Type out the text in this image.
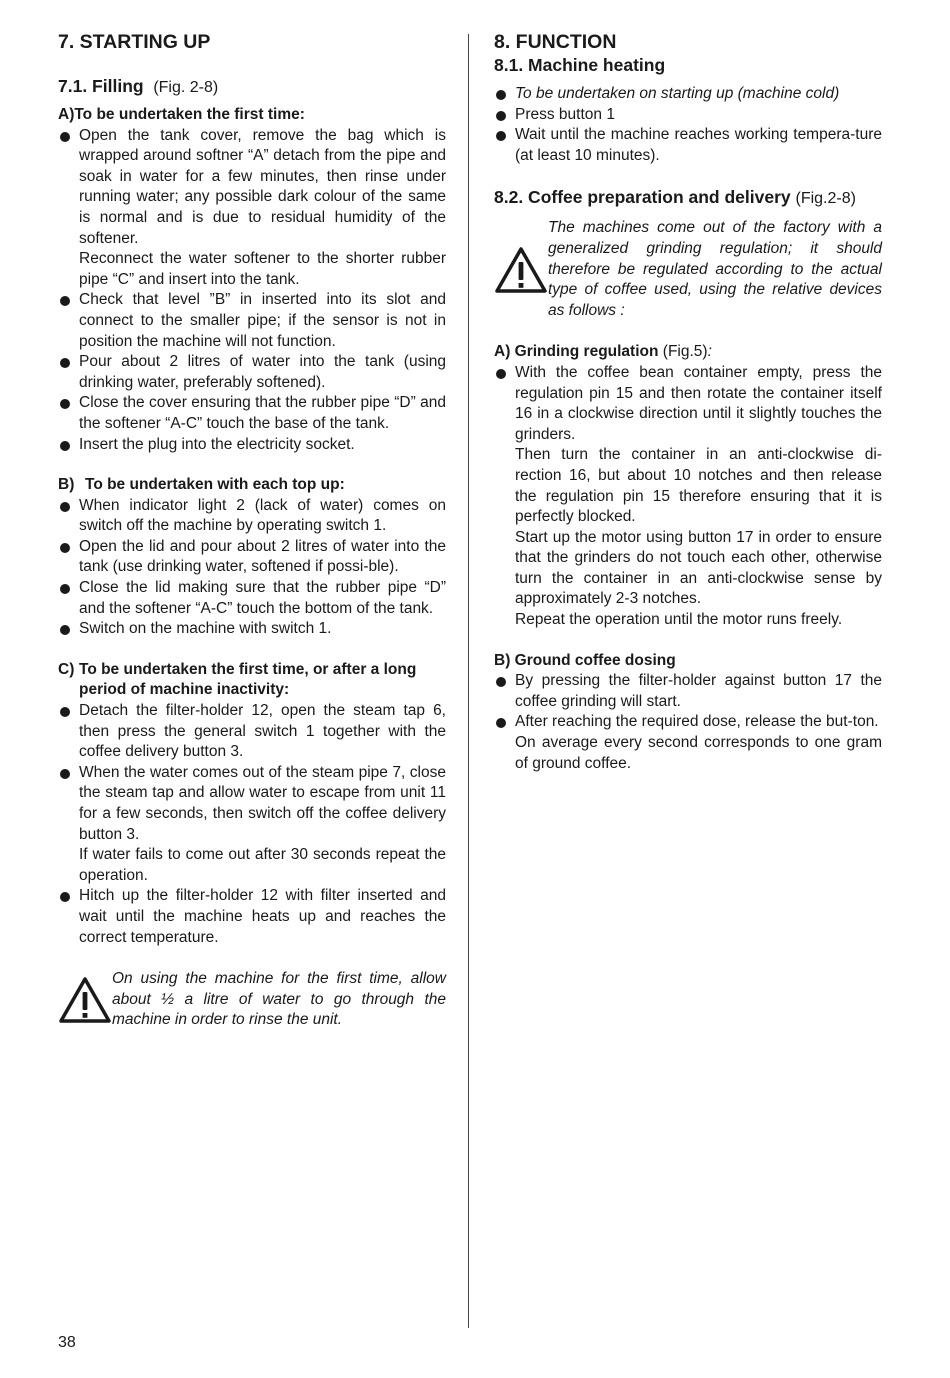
7. STARTING UP
7.1. Filling (Fig. 2-8)
A) To be undertaken the first time:
Open the tank cover, remove the bag which is wrapped around softner “A” detach from the pipe and soak in water for a few minutes, then rinse under running water; any possible dark colour of the same is normal and is due to residual humidity of the softener.
Reconnect the water softener to the shorter rubber pipe “C” and insert into the tank.
Check that level ”B” in inserted into its slot and connect to the smaller pipe; if the sensor is not in position the machine will not function.
Pour about 2 litres of water into the tank (using drinking water, preferably softened).
Close the cover ensuring that the rubber pipe “D” and the softener “A-C” touch the base of the tank.
Insert the plug into the electricity socket.
B) To be undertaken with each top up:
When indicator light 2 (lack of water) comes on switch off the machine by operating switch 1.
Open the lid and pour about 2 litres of water into the tank (use drinking water, softened if possi-ble).
Close the lid making sure that the rubber pipe “D” and the softener “A-C” touch the bottom of the tank.
Switch on the machine with switch 1.
C) To be undertaken the first time, or after a long period of machine inactivity:
Detach the filter-holder 12, open the steam tap 6, then press the general switch 1 together with the coffee delivery button 3.
When the water comes out of the steam pipe 7, close the steam tap and allow water to escape from unit 11 for a few seconds, then switch off the coffee delivery button 3.
If water fails to come out after 30 seconds repeat the operation.
Hitch up the filter-holder 12 with filter inserted and wait until the machine heats up and reaches the correct temperature.
On using the machine for the first time, allow about ½ a litre of water to go through the machine in order to rinse the unit.
8. FUNCTION
8.1. Machine heating
To be undertaken on starting up (machine cold)
Press button 1
Wait until the machine reaches working tempera-ture (at least 10 minutes).
8.2. Coffee preparation and delivery (Fig.2-8)
The machines come out of the factory with a generalized grinding regulation; it should therefore be regulated according to the actual type of coffee used, using the relative devices as follows :
A) Grinding regulation (Fig.5):
With the coffee bean container empty, press the regulation pin 15 and then rotate the container itself 16 in a clockwise direction until it slightly touches the grinders.
Then turn the container in an anti-clockwise di-rection 16, but about 10 notches and then release the regulation pin 15 therefore ensuring that it is perfectly blocked.
Start up the motor using button 17 in order to ensure that the grinders do not touch each other, otherwise turn the container in an anti-clockwise sense by approximately 2-3 notches.
Repeat the operation until the motor runs freely.
B) Ground coffee dosing
By pressing the filter-holder against button 17 the coffee grinding will start.
After reaching the required dose, release the but-ton.
On average every second corresponds to one gram of ground coffee.
38
